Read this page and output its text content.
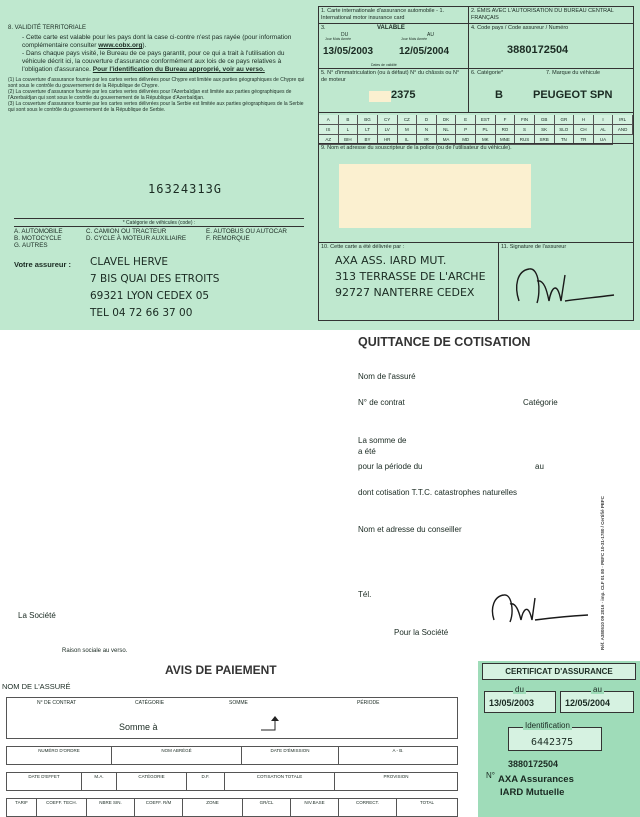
8. VALIDITÉ TERRITORIALE
- Cette carte est valable pour les pays dont la case ci-contre n'est pas rayée (pour information complémentaire consulter www.cobx.org).
- Dans chaque pays visité, le Bureau de ce pays garantit, pour ce qui a trait à l'utilisation du véhicule décrit ici, la couverture d'assurance conformément aux lois de ce pays relatives à l'obligation d'assurance. Pour l'identification du Bureau approprié, voir au verso.
(1) La couverture d'assurance fournie par les cartes vertes délivrées pour Chypre est limitée aux parties géographiques de Chypre qui sont sous le contrôle du gouvernement de la République de Chypre.
(2) La couverture d'assurance fournie par les cartes vertes délivrées pour l'Azerbaïdjan est limitée aux parties géographiques de l'Azerbaïdjan qui sont sous le contrôle du gouvernement de la République d'Azerbaïdjan.
(3) La couverture d'assurance fournie par les cartes vertes délivrées pour la Serbie est limitée aux parties géographiques de la Serbie qui sont sous le contrôle du gouvernement de la République de Serbie.
16324313G
* Catégorie de véhicules (code) :
A. AUTOMOBILE
B. MOTOCYCLE
G. AUTRES
C. CAMION OU TRACTEUR
D. CYCLE À MOTEUR AUXILIAIRE
E. AUTOBUS OU AUTOCAR
F. REMORQUE
Votre assureur : CLAVEL HERVE
7 BIS QUAI DES ETROITS
69321 LYON CEDEX 05
TEL 04 72 66 37 00
1. Carte internationale d'assurance automobile - 1. International motor insurance card
2. ÉMIS AVEC L'AUTORISATION DU BUREAU CENTRAL FRANÇAIS
3.	VALABLE
DU	AU
Jour Mois Année	Jour Mois Année
13/05/2003	12/05/2004
Dates de validité
4. Code pays / Code assureur / Numéro
3880172504
5. N° d'immatriculation (ou à défaut) N° du châssis ou N° de moteur
2375
6. Catégorie*	7. Marque du véhicule
B	PEUGEOT SPN
A	B	BG	CY	CZ	D	DK	E	EST	F	FIN	GB	GR	H	I	IRL
IS	L	LT	LV	M	N	NL	P	PL	RO	S	SK	SLO	CH	AL	AND
AZ	BIH	BY	HR	IL	IR	MA	MD	MK	MNE	RUS	SRB	TN	TR	UA
9. Nom et adresse du souscripteur de la police (ou de l'utilisateur du véhicule).
10. Cette carte a été délivrée par :
AXA ASS. IARD MUT.
313 TERRASSE DE L'ARCHE
92727 NANTERRE CEDEX
11. Signature de l'assureur
QUITTANCE DE COTISATION
Nom de l'assuré
N° de contrat	Catégorie
La somme de
a été
pour la période du	au
dont cotisation T.T.C. catastrophes naturelles
Nom et adresse du conseiller
Tél.
Pour la Société	Réf. A380510 09 2016 · imp. CLF 01 80 · PEFC 10-31-1780 / Certifié PEFC
La Société
Raison sociale au verso.
AVIS DE PAIEMENT
NOM DE L'ASSURÉ
N° DE CONTRAT	CATÉGORIE	SOMME	PÉRIODE
Somme à
NUMÉRO D'ORDRE	NOM ABRÉGÉ	DATE D'ÉMISSION	A - B.
DATE D'EFFET	M.A.	CATÉGORIE	D.F.	COTISATION TOTALE	PROVISION
TARIF	COEFF. TECH.	NBRE SIN.	COEFF. R/M	ZONE	GR/CL	NIV.BASE	CORRECT.	TOTAL
CERTIFICAT D'ASSURANCE
du
13/05/2003
au
12/05/2004
Identification
6442375
3880172504
N° AXA Assurances
IARD Mutuelle
